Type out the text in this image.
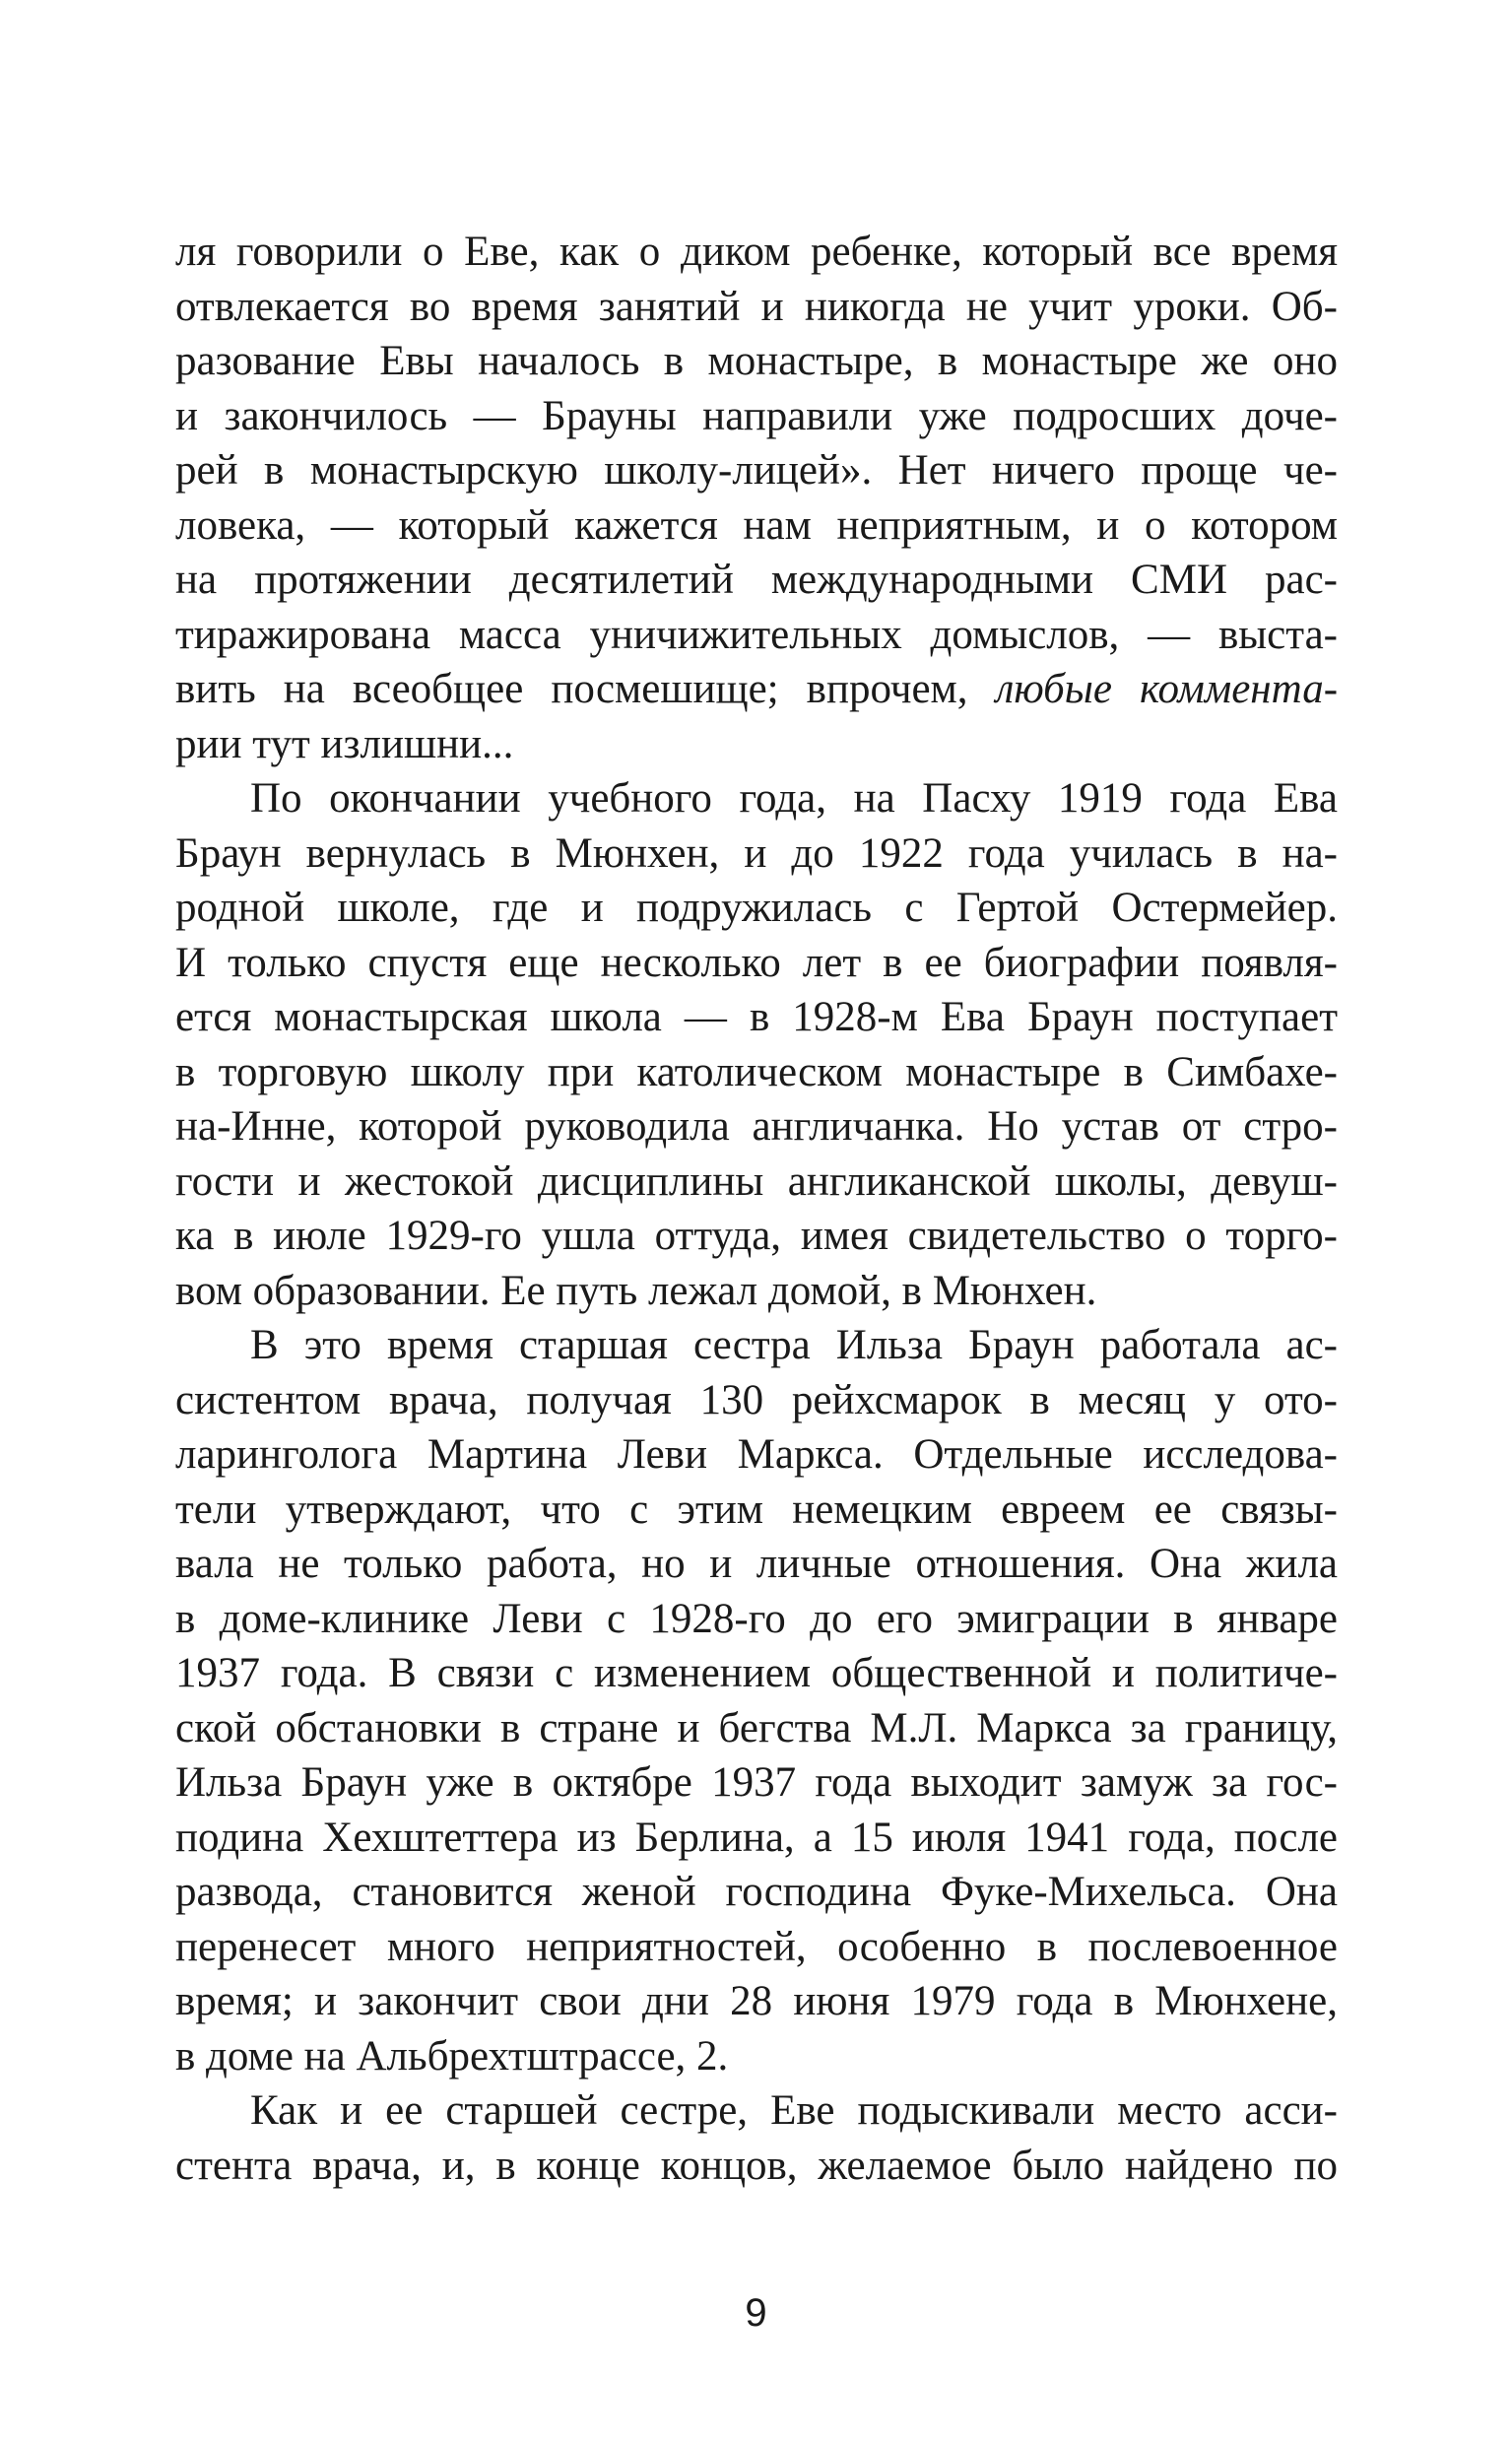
ля говорили о Еве, как о диком ребенке, который все время
отвлекается во время занятий и никогда не учит уроки. Об-
разование Евы началось в монастыре, в монастыре же оно
и закончилось — Брауны направили уже подросших доче-
рей в монастырскую школу-лицей». Нет ничего проще че-
ловека, — который кажется нам неприятным, и о котором
на протяжении десятилетий международными СМИ рас-
тиражирована масса уничижительных домыслов, — выста-
вить на всеобщее посмешище; впрочем, любые коммента-
рии тут излишни...
По окончании учебного года, на Пасху 1919 года Ева
Браун вернулась в Мюнхен, и до 1922 года училась в на-
родной школе, где и подружилась с Гертой Остермейер.
И только спустя еще несколько лет в ее биографии появля-
ется монастырская школа — в 1928-м Ева Браун поступает
в торговую школу при католическом монастыре в Симбахе-
на-Инне, которой руководила англичанка. Но устав от стро-
гости и жестокой дисциплины англиканской школы, девуш-
ка в июле 1929-го ушла оттуда, имея свидетельство о торго-
вом образовании. Ее путь лежал домой, в Мюнхен.
В это время старшая сестра Ильза Браун работала ас-
систентом врача, получая 130 рейхсмарок в месяц у ото-
ларинголога Мартина Леви Маркса. Отдельные исследова-
тели утверждают, что с этим немецким евреем ее связы-
вала не только работа, но и личные отношения. Она жила
в доме-клинике Леви с 1928-го до его эмиграции в январе
1937 года. В связи с изменением общественной и политиче-
ской обстановки в стране и бегства М.Л. Маркса за границу,
Ильза Браун уже в октябре 1937 года выходит замуж за гос-
подина Хехштеттера из Берлина, а 15 июля 1941 года, после
развода, становится женой господина Фуке-Михельса. Она
перенесет много неприятностей, особенно в послевоенное
время; и закончит свои дни 28 июня 1979 года в Мюнхене,
в доме на Альбрехтштрассе, 2.
Как и ее старшей сестре, Еве подыскивали место асси-
стента врача, и, в конце концов, желаемое было найдено по
9
